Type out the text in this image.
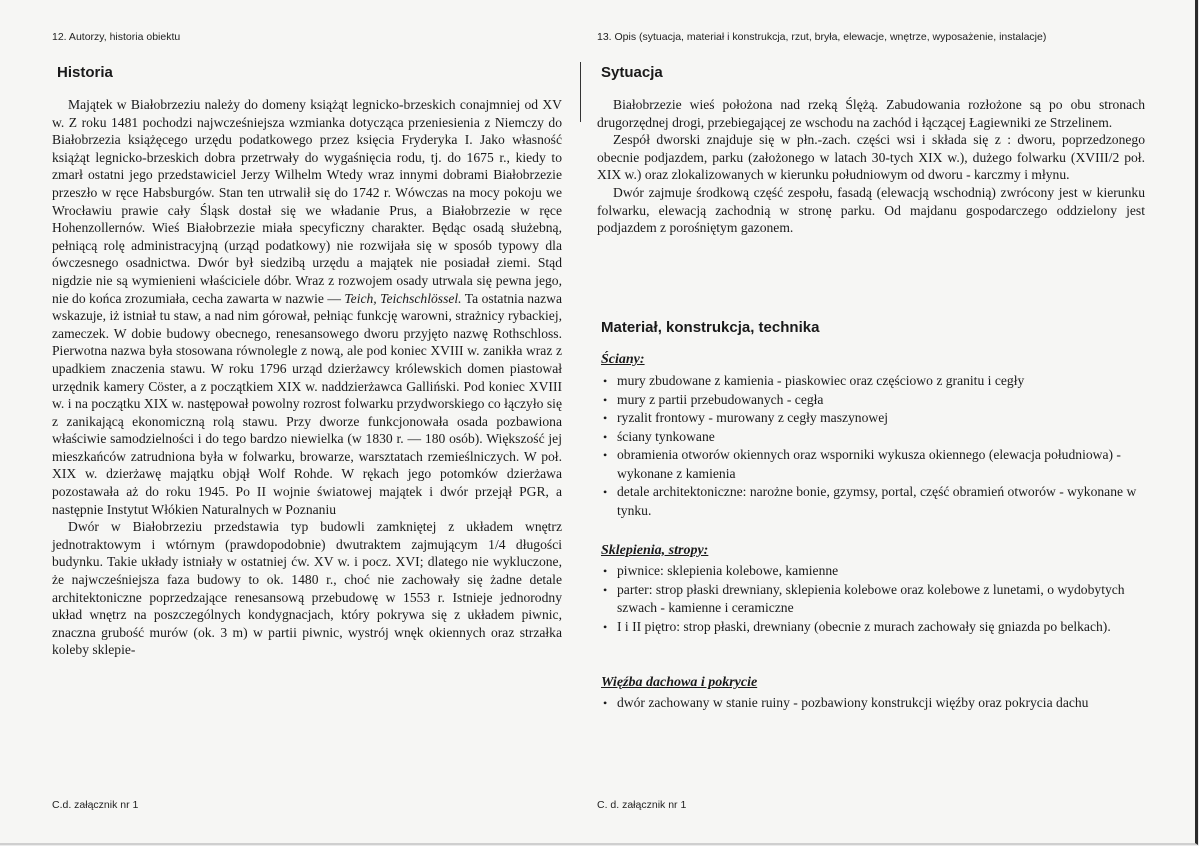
12. Autorzy, historia obiektu
Historia

Majątek w Białobrzeziu należy do domeny książąt legnicko-brzeskich conajmniej od XV w. Z roku 1481 pochodzi najwcześniejsza wzmianka dotycząca przeniesienia z Niemczy do Białobrzezia książęcego urzędu podatkowego przez księcia Fryderyka I. Jako własność książąt legnicko-brzeskich dobra przetrwały do wygaśnięcia rodu, tj. do 1675 r., kiedy to zmarł ostatni jego przedstawiciel Jerzy Wilhelm Wtedy wraz innymi dobrami Białobrzezie przeszło w ręce Habsburgów. Stan ten utrwalił się do 1742 r. Wówczas na mocy pokoju we Wrocławiu prawie cały Śląsk dostał się we władanie Prus, a Białobrzezie w ręce Hohenzollernów. Wieś Białobrzezie miała specyficzny charakter. Będąc osadą służebną, pełniącą rolę administracyjną (urząd podatkowy) nie rozwijała się w sposób typowy dla ówczesnego osadnictwa. Dwór był siedzibą urzędu a majątek nie posiadał ziemi. Stąd nigdzie nie są wymienieni właściciele dóbr. Wraz z rozwojem osady utrwala się pewna jego, nie do końca zrozumiała, cecha zawarta w nazwie — Teich, Teichschlössel. Ta ostatnia nazwa wskazuje, iż istniał tu staw, a nad nim górował, pełniąc funkcję warowni, strażnicy rybackiej, zameczek. W dobie budowy obecnego, renesansowego dworu przyjęto nazwę Rothschloss. Pierwotna nazwa była stosowana równolegle z nową, ale pod koniec XVIII w. zanikła wraz z upadkiem znaczenia stawu. W roku 1796 urząd dzierżawcy królewskich domen piastował urzędnik kamery Cöster, a z początkiem XIX w. naddzierżawca Galliński. Pod koniec XVIII w. i na początku XIX w. następował powolny rozrost folwarku przydworskiego co łączyło się z zanikającą ekonomiczną rolą stawu. Przy dworze funkcjonowała osada pozbawiona właściwie samodzielności i do tego bardzo niewielka (w 1830 r. — 180 osób). Większość jej mieszkańców zatrudniona była w folwarku, browarze, warsztatach rzemieślniczych. W poł. XIX w. dzierżawę majątku objął Wolf Rohde. W rękach jego potomków dzierżawa pozostawała aż do roku 1945. Po II wojnie światowej majątek i dwór przejął PGR, a następnie Instytut Włókien Naturalnych w Poznaniu

Dwór w Białobrzeziu przedstawia typ budowli zamkniętej z układem wnętrz jednotraktowym i wtórnym (prawdopodobnie) dwutraktem zajmującym 1/4 długości budynku. Takie układy istniały w ostatniej ćw. XV w. i pocz. XVI; dlatego nie wykluczone, że najwcześniejsza faza budowy to ok. 1480 r., choć nie zachowały się żadne detale architektoniczne poprzedzające renesansową przebudowę w 1553 r. Istnieje jednorodny układ wnętrz na poszczególnych kondygnacjach, który pokrywa się z układem piwnic, znaczna grubość murów (ok. 3 m) w partii piwnic, wystrój wnęk okiennych oraz strzałka koleby sklepie-

C.d. załącznik nr 1
13. Opis (sytuacja, materiał i konstrukcja, rzut, bryła, elewacje, wnętrze, wyposażenie, instalacje)
Sytuacja

Białobrzezie wieś położona nad rzeką Ślężą. Zabudowania rozłożone są po obu stronach drugorzędnej drogi, przebiegającej ze wschodu na zachód i łączącej Łagiewniki ze Strzelinem.

Zespół dworski znajduje się w płn.-zach. części wsi i składa się z : dworu, poprzedzonego obecnie podjazdem, parku (założonego w latach 30-tych XIX w.), dużego folwarku (XVIII/2 poł. XIX w.) oraz zlokalizowanych w kierunku południowym od dworu - karczmy i młynu.

Dwór zajmuje środkową część zespołu, fasadą (elewacją wschodnią) zwrócony jest w kierunku folwarku, elewacją zachodnią w stronę parku. Od majdanu gospodarczego oddzielony jest podjazdem z porośniętym gazonem.

Materiał, konstrukcja, technika
Ściany:
• mury zbudowane z kamienia - piaskowiec oraz częściowo z granitu i cegły
• mury z partii przebudowanych - cegła
• ryzalit frontowy - murowany z cegły maszynowej
• ściany tynkowane
• obramienia otworów okiennych oraz wsporniki wykusza okiennego (elewacja południowa) - wykonane z kamienia
• detale architektoniczne: narożne bonie, gzymsy, portal, część obramień otworów - wykonane w tynku.
Sklepienia, stropy:
• piwnice: sklepienia kolebowe, kamienne
• parter: strop płaski drewniany, sklepienia kolebowe oraz kolebowe z lunetami, o wydobytych szwach - kamienne i ceramiczne
• I i II piętro: strop płaski, drewniany (obecnie z murach zachowały się gniazda po belkach).
Więźba dachowa i pokrycie
• dwór zachowany w stanie ruiny - pozbawiony konstrukcji więźby oraz pokrycia dachu
C. d. załącznik nr 1
